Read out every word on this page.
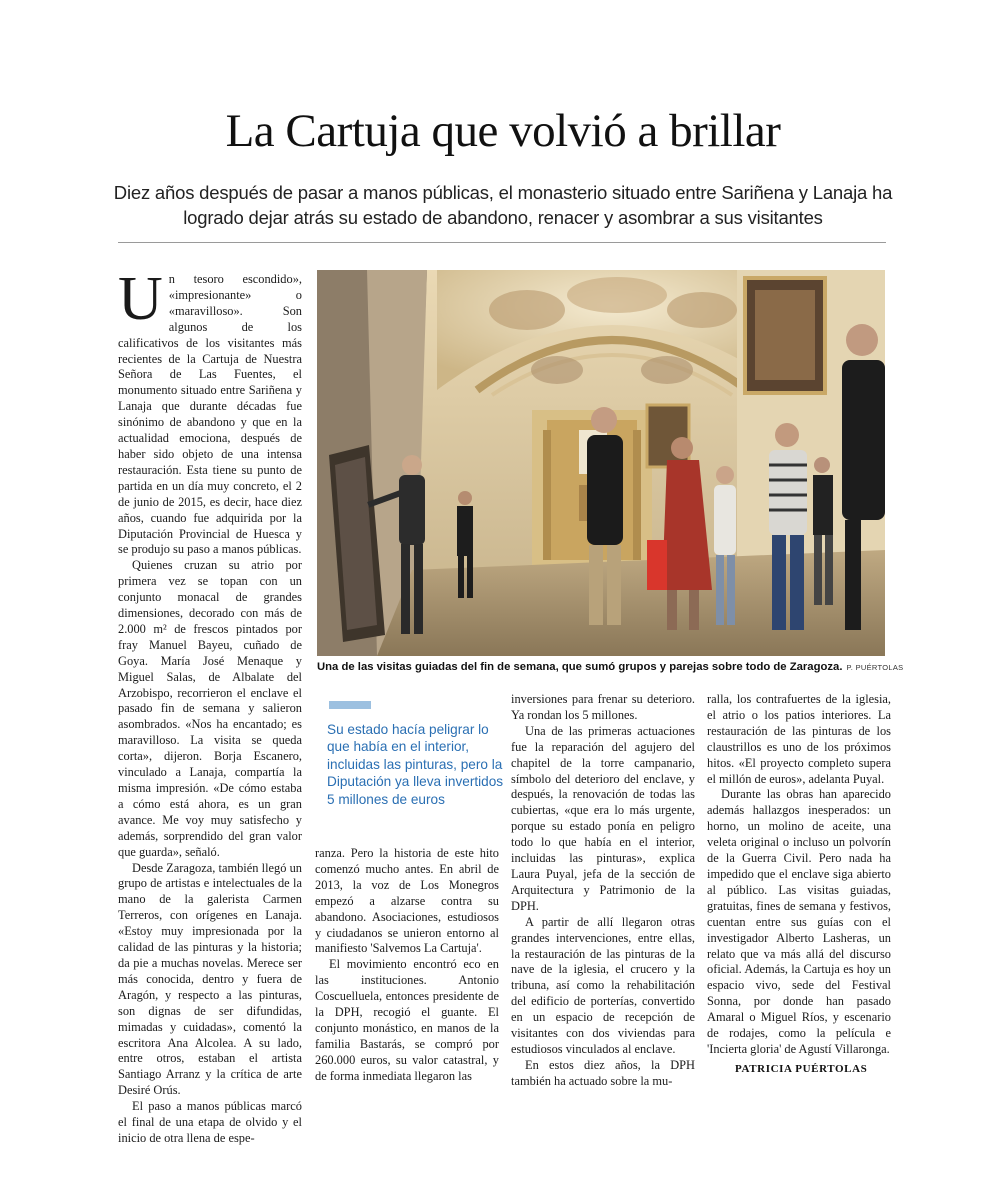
La Cartuja que volvió a brillar
Diez años después de pasar a manos públicas, el monasterio situado entre Sariñena y Lanaja ha logrado dejar atrás su estado de abandono, renacer y asombrar a sus visitantes

Un tesoro escondido», «impresionante» o «maravilloso». Son algunos de los calificativos de los visitantes más recientes de la Cartuja de Nuestra Señora de Las Fuentes, el monumento situado entre Sariñena y Lanaja que durante décadas fue sinónimo de abandono y que en la actualidad emociona, después de haber sido objeto de una intensa restauración. Esta tiene su punto de partida en un día muy concreto, el 2 de junio de 2015, es decir, hace diez años, cuando fue adquirida por la Diputación Provincial de Huesca y se produjo su paso a manos públicas.

Quienes cruzan su atrio por primera vez se topan con un conjunto monacal de grandes dimensiones, decorado con más de 2.000 m² de frescos pintados por fray Manuel Bayeu, cuñado de Goya. María José Menaque y Miguel Salas, de Albalate del Arzobispo, recorrieron el enclave el pasado fin de semana y salieron asombrados. «Nos ha encantado; es maravilloso. La visita se queda corta», dijeron. Borja Escanero, vinculado a Lanaja, compartía la misma impresión. «De cómo estaba a cómo está ahora, es un gran avance. Me voy muy satisfecho y además, sorprendido del gran valor que guarda», señaló.

Desde Zaragoza, también llegó un grupo de artistas e intelectuales de la mano de la galerista Carmen Terreros, con orígenes en Lanaja. «Estoy muy impresionada por la calidad de las pinturas y la historia; da pie a muchas novelas. Merece ser más conocida, dentro y fuera de Aragón, y respecto a las pinturas, son dignas de ser difundidas, mimadas y cuidadas», comentó la escritora Ana Alcolea. A su lado, entre otros, estaban el artista Santiago Arranz y la crítica de arte Desiré Orús.

El paso a manos públicas marcó el final de una etapa de olvido y el inicio de otra llena de espe-

Una de las visitas guiadas del fin de semana, que sumó grupos y parejas sobre todo de Zaragoza. P. PUÉRTOLAS
Su estado hacía peligrar lo que había en el interior, incluidas las pinturas, pero la Diputación ya lleva invertidos 5 millones de euros

ranza. Pero la historia de este hito comenzó mucho antes. En abril de 2013, la voz de Los Monegros empezó a alzarse contra su abandono. Asociaciones, estudiosos y ciudadanos se unieron entorno al manifiesto 'Salvemos La Cartuja'.

El movimiento encontró eco en las instituciones. Antonio Coscuelluela, entonces presidente de la DPH, recogió el guante. El conjunto monástico, en manos de la familia Bastarás, se compró por 260.000 euros, su valor catastral, y de forma inmediata llegaron las

inversiones para frenar su deterioro. Ya rondan los 5 millones.

Una de las primeras actuaciones fue la reparación del agujero del chapitel de la torre campanario, símbolo del deterioro del enclave, y después, la renovación de todas las cubiertas, «que era lo más urgente, porque su estado ponía en peligro todo lo que había en el interior, incluidas las pinturas», explica Laura Puyal, jefa de la sección de Arquitectura y Patrimonio de la DPH.

A partir de allí llegaron otras grandes intervenciones, entre ellas, la restauración de las pinturas de la nave de la iglesia, el crucero y la tribuna, así como la rehabilitación del edificio de porterías, convertido en un espacio de recepción de visitantes con dos viviendas para estudiosos vinculados al enclave.

En estos diez años, la DPH también ha actuado sobre la mu-

ralla, los contrafuertes de la iglesia, el atrio o los patios interiores. La restauración de las pinturas de los claustrillos es uno de los próximos hitos. «El proyecto completo supera el millón de euros», adelanta Puyal.

Durante las obras han aparecido además hallazgos inesperados: un horno, un molino de aceite, una veleta original o incluso un polvorín de la Guerra Civil. Pero nada ha impedido que el enclave siga abierto al público. Las visitas guiadas, gratuitas, fines de semana y festivos, cuentan entre sus guías con el investigador Alberto Lasheras, un relato que va más allá del discurso oficial. Además, la Cartuja es hoy un espacio vivo, sede del Festival Sonna, por donde han pasado Amaral o Miguel Ríos, y escenario de rodajes, como la película e 'Incierta gloria' de Agustí Villaronga.

PATRICIA PUÉRTOLAS
